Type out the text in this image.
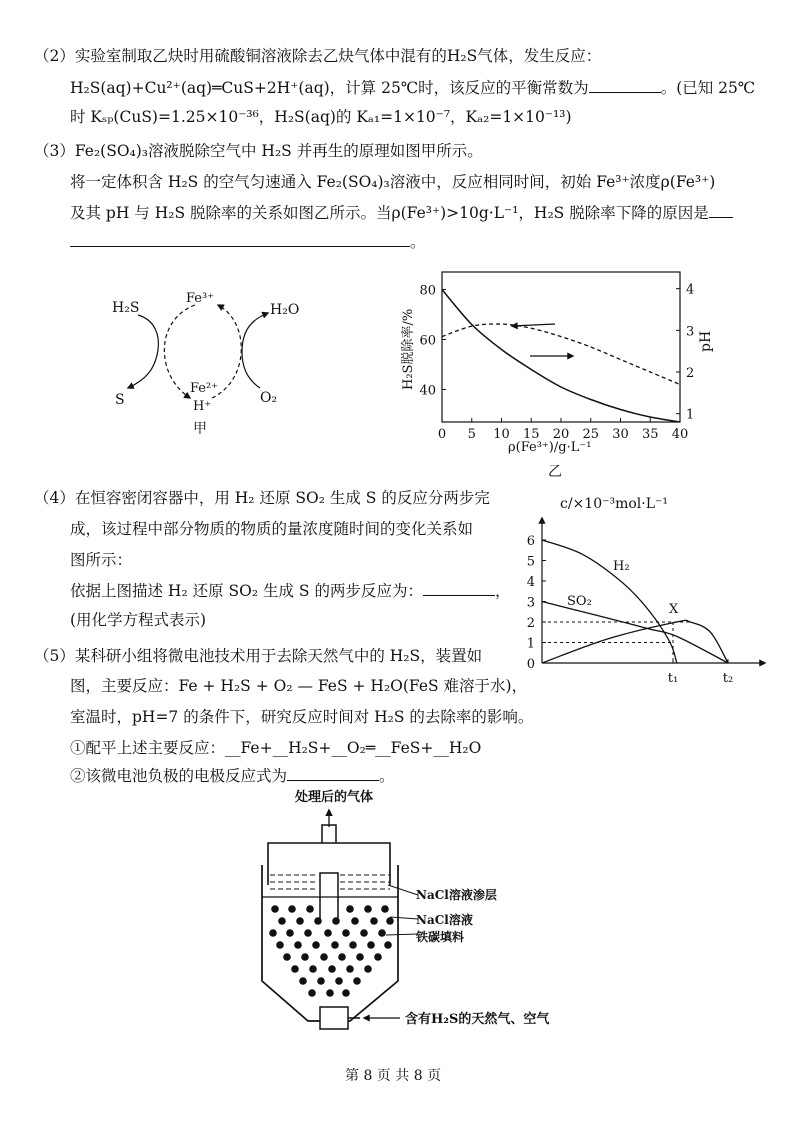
（2）实验室制取乙炔时用硫酸铜溶液除去乙炔气体中混有的H₂S气体，发生反应：
H₂S(aq)+Cu²⁺(aq)═CuS+2H⁺(aq)，计算 25℃时，该反应的平衡常数为	。(已知 25℃
时 Kₛₚ(CuS)=1.25×10⁻³⁶，H₂S(aq)的 Kₐ₁=1×10⁻⁷，Kₐ₂=1×10⁻¹³)
（3）Fe₂(SO₄)₃溶液脱除空气中 H₂S 并再生的原理如图甲所示。
将一定体积含 H₂S 的空气匀速通入 Fe₂(SO₄)₃溶液中，反应相同时间，初始 Fe³⁺浓度ρ(Fe³⁺)
及其 pH 与 H₂S 脱除率的关系如图乙所示。当ρ(Fe³⁺)>10g·L⁻¹，H₂S 脱除率下降的原因是
。
H₂S
Fe³⁺
H₂O
S
Fe²⁺
H⁺
O₂
甲	0 5 10 15 20 25 30 35 40
40
60
80
1
2
3
4
H₂S脱除率/%	pH
ρ(Fe³⁺)/g·L⁻¹
乙
（4）在恒容密闭容器中，用 H₂ 还原 SO₂ 生成 S 的反应分两步完
成，该过程中部分物质的物质的量浓度随时间的变化关系如
图所示：
依据上图描述 H₂ 还原 SO₂ 生成 S 的两步反应为：	，
(用化学方程式表示)
0
1
2
3
4
5
6
t₁	t₂
c/×10⁻³mol·L⁻¹
H₂
SO₂
X
（5）某科研小组将微电池技术用于去除天然气中的 H₂S，装置如
图，主要反应：Fe + H₂S + O₂ — FeS + H₂O(FeS 难溶于水)，
室温时，pH=7 的条件下，研究反应时间对 H₂S 的去除率的影响。
①配平上述主要反应：__Fe+__H₂S+__O₂═__FeS+__H₂O
②该微电池负极的电极反应式为	。
处理后的气体
NaCl溶液渗层
NaCl溶液
铁碳填料
含有H₂S的天然气、空气
第 8 页 共 8 页
